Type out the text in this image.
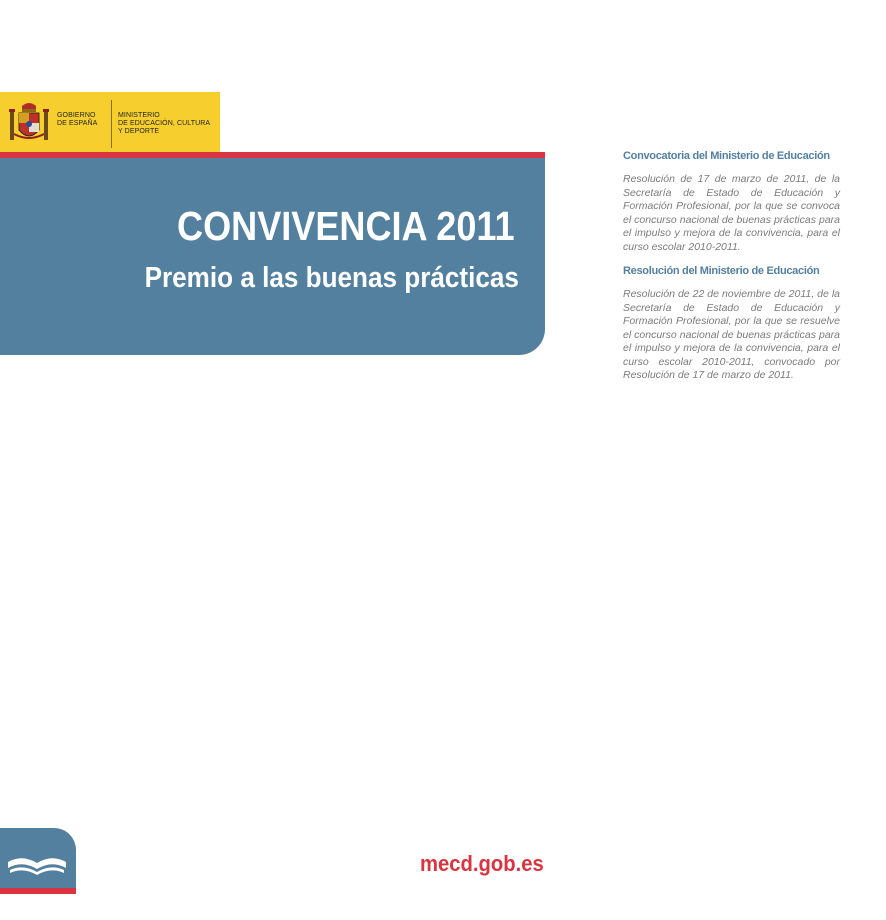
GOBIERNO
DE ESPAÑA
MINISTERIO
DE EDUCACIÓN, CULTURA
Y DEPORTE
CONVIVENCIA 2011
Premio a las buenas prácticas

Convocatoria del Ministerio de Educación

Resolución de 17 de marzo de 2011, de la Secretaría de Estado de Educación y Formación Profesional, por la que se convoca el concurso nacional de buenas prácticas para el impulso y mejora de la convivencia, para el curso escolar 2010-2011.

Resolución del Ministerio de Educación

Resolución de 22 de noviembre de 2011, de la Secretaría de Estado de Educación y Formación Profesional, por la que se resuelve el concurso nacional de buenas prácticas para el impulso y mejora de la convivencia, para el curso escolar 2010-2011, convocado por Resolución de 17 de marzo de 2011.

mecd.gob.es
